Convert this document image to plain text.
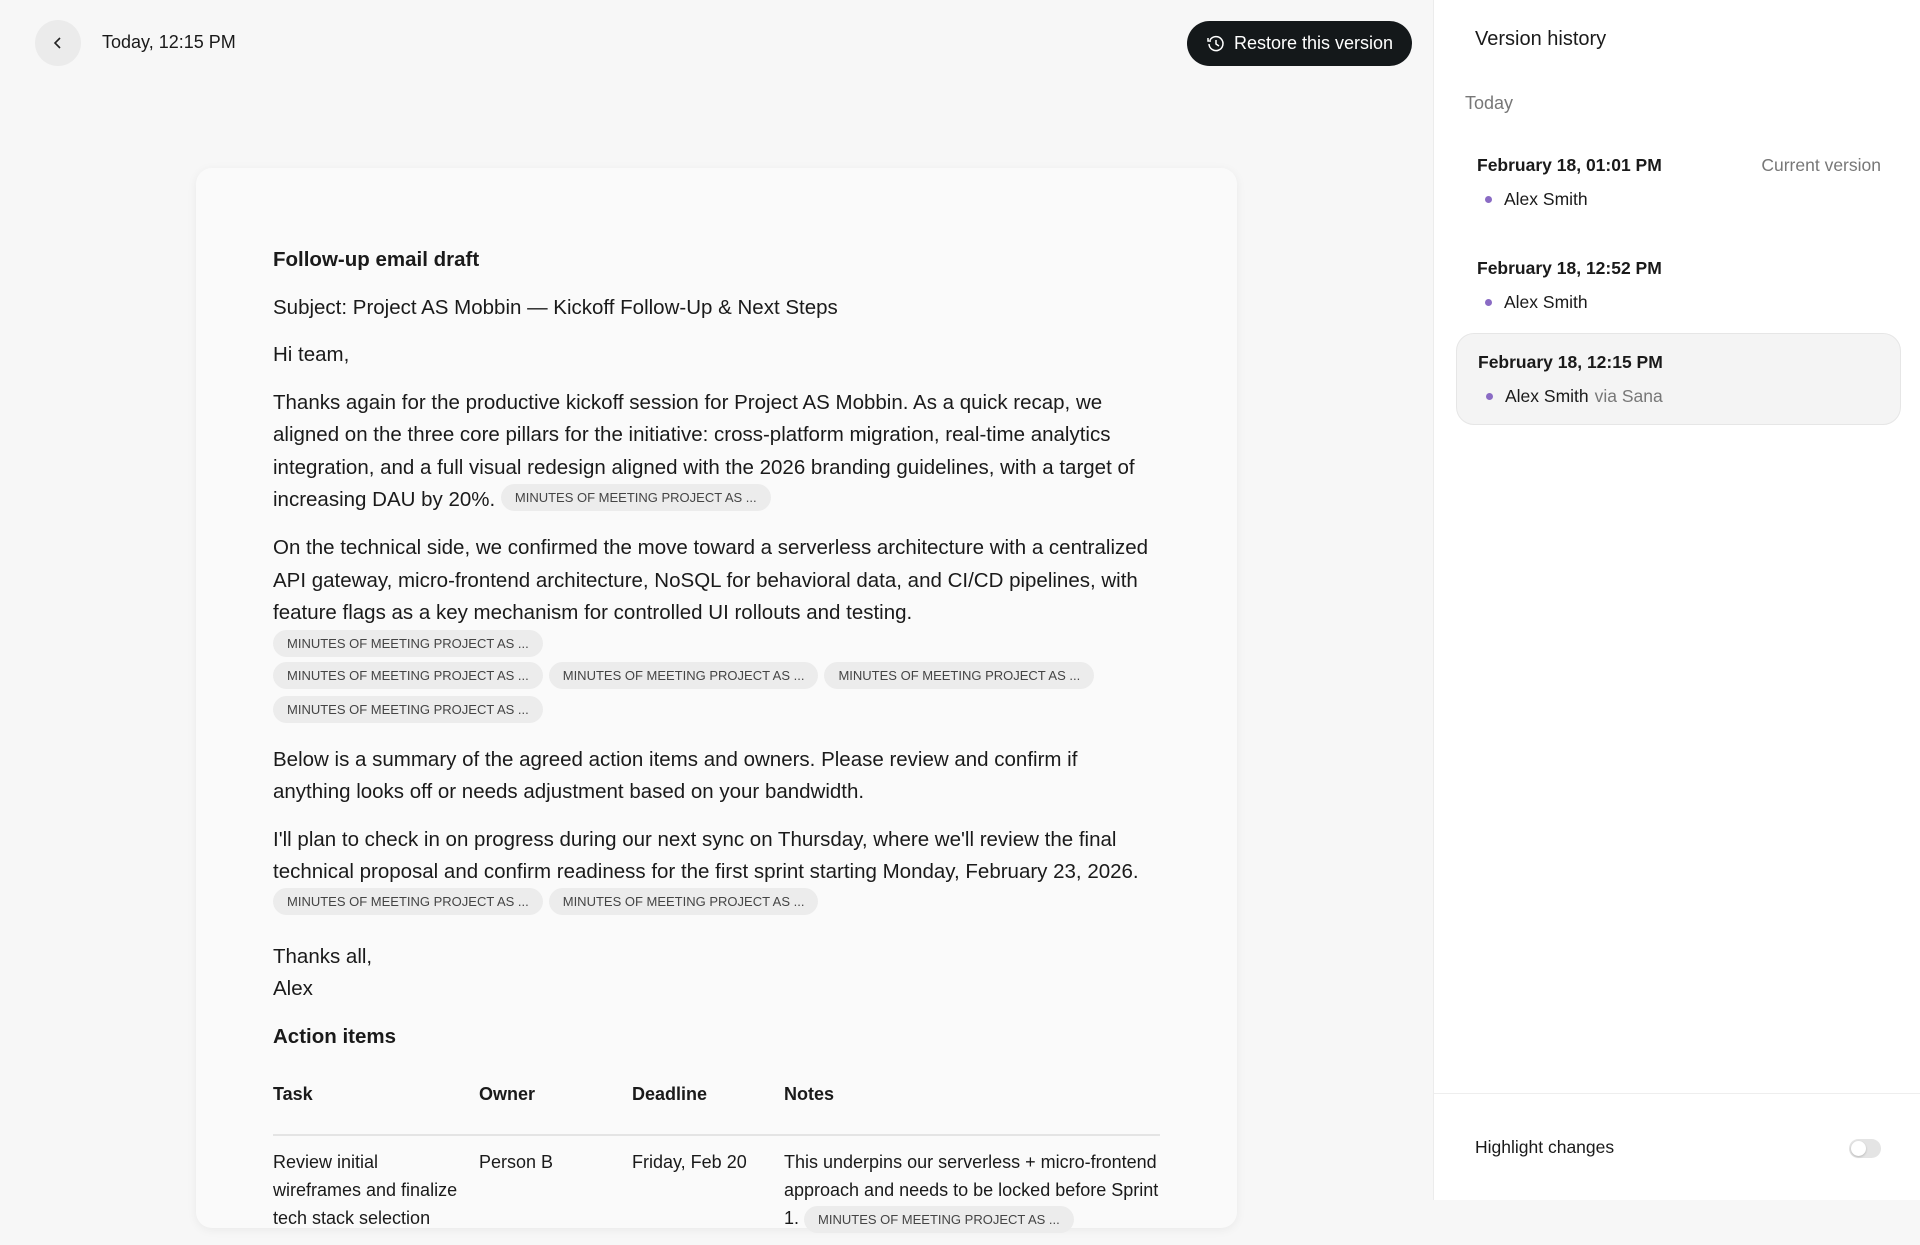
Today, 12:15 PM	Restore this version

Follow-up email draft

Subject: Project AS Mobbin — Kickoff Follow-Up & Next Steps

Hi team,

Thanks again for the productive kickoff session for Project AS Mobbin. As a quick recap, we aligned on the three core pillars for the initiative: cross-platform migration, real-time analytics integration, and a full visual redesign aligned with the 2026 branding guidelines, with a target of increasing DAU by 20%. MINUTES OF MEETING PROJECT AS ...

On the technical side, we confirmed the move toward a serverless architecture with a centralized API gateway, micro-frontend architecture, NoSQL for behavioral data, and CI/CD pipelines, with feature flags as a key mechanism for controlled UI rollouts and testing. MINUTES OF MEETING PROJECT AS ...

MINUTES OF MEETING PROJECT AS ...	MINUTES OF MEETING PROJECT AS ...	MINUTES OF MEETING PROJECT AS ...
MINUTES OF MEETING PROJECT AS ...

Below is a summary of the agreed action items and owners. Please review and confirm if anything looks off or needs adjustment based on your bandwidth.

I'll plan to check in on progress during our next sync on Thursday, where we'll review the final technical proposal and confirm readiness for the first sprint starting Monday, February 23, 2026.

MINUTES OF MEETING PROJECT AS ...	MINUTES OF MEETING PROJECT AS ...

Thanks all,
Alex

Action items

Task	Owner	Deadline	Notes
Review initial wireframes and finalize tech stack selection	Person B	Friday, Feb 20	This underpins our serverless + micro-frontend approach and needs to be locked before Sprint 1. MINUTES OF MEETING PROJECT AS ...
Version history
Today
February 18, 01:01 PM	Current version
Alex Smith
February 18, 12:52 PM
Alex Smith
February 18, 12:15 PM
Alex Smith via Sana
Highlight changes
